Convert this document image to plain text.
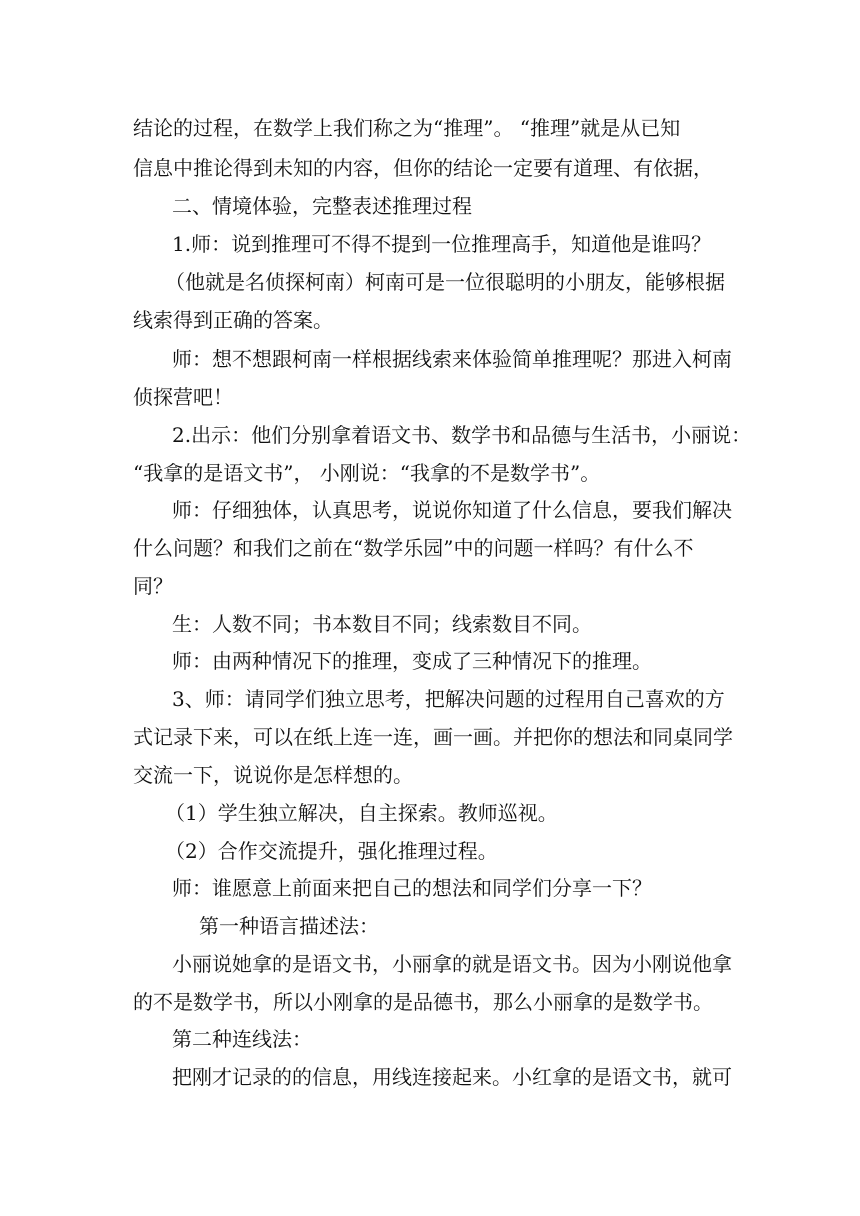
结论的过程，在数学上我们称之为“推理”。 “推理”就是从已知
信息中推论得到未知的内容，但你的结论一定要有道理、有依据，
二、情境体验，完整表述推理过程
1.师：说到推理可不得不提到一位推理高手，知道他是谁吗？
（他就是名侦探柯南）柯南可是一位很聪明的小朋友，能够根据
线索得到正确的答案。
师：想不想跟柯南一样根据线索来体验简单推理呢？那进入柯南
侦探营吧！
2.出示：他们分别拿着语文书、数学书和品德与生活书，小丽说：
“我拿的是语文书”， 小刚说：“我拿的不是数学书”。
师：仔细独体，认真思考，说说你知道了什么信息，要我们解决
什么问题？和我们之前在“数学乐园”中的问题一样吗？有什么不
同？
生：人数不同；书本数目不同；线索数目不同。
师：由两种情况下的推理，变成了三种情况下的推理。
3、师：请同学们独立思考，把解决问题的过程用自己喜欢的方
式记录下来，可以在纸上连一连，画一画。并把你的想法和同桌同学
交流一下，说说你是怎样想的。
（1）学生独立解决，自主探索。教师巡视。
（2）合作交流提升，强化推理过程。
师：谁愿意上前面来把自己的想法和同学们分享一下？
第一种语言描述法：
小丽说她拿的是语文书，小丽拿的就是语文书。因为小刚说他拿
的不是数学书，所以小刚拿的是品德书，那么小丽拿的是数学书。
第二种连线法：
把刚才记录的的信息，用线连接起来。小红拿的是语文书，就可
